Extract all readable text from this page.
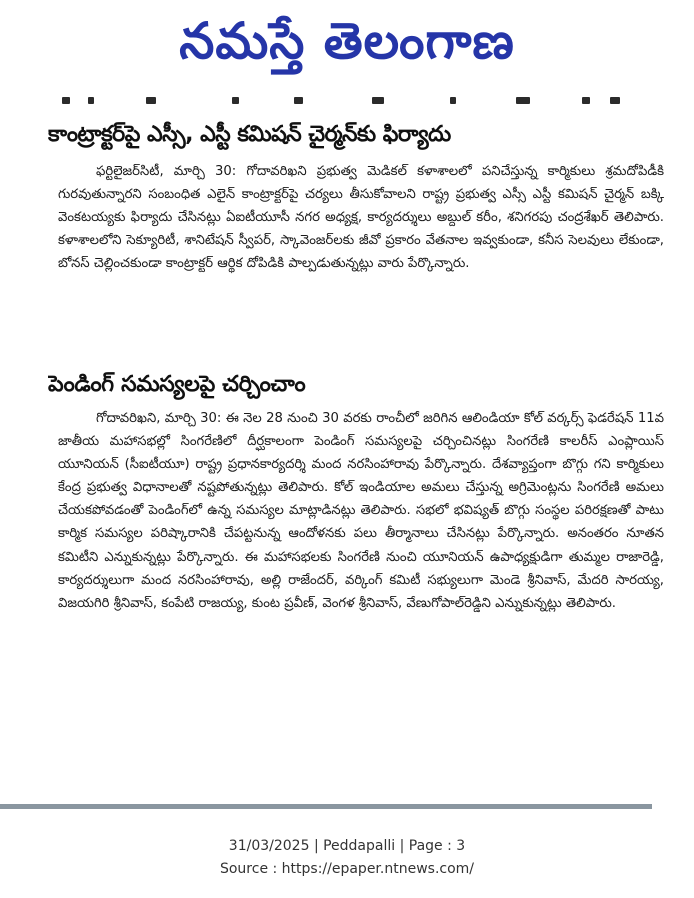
నమస్తే తెలంగాణ
కాంట్రాక్టర్‌పై ఎస్సీ, ఎస్టీ కమిషన్‌ చైర్మన్‌కు ఫిర్యాదు
ఫర్టిలైజర్‌సిటీ, మార్చి 30: గోదావరిఖని ప్రభుత్వ మెడికల్‌ కళాశాలలో పనిచేస్తున్న కార్మికులు శ్రమదోపిడీకి గురవుతున్నారని సంబంధిత ఎలైన్‌ కాంట్రాక్టర్‌పై చర్యలు తీసుకోవాలని రాష్ట్ర ప్రభుత్వ ఎస్సీ ఎస్టీ కమిషన్‌ చైర్మన్‌ బక్కి వెంకటయ్యకు ఫిర్యాదు చేసినట్లు ఏఐటీయూసీ నగర అధ్యక్ష, కార్యదర్శులు అబ్దుల్‌ కరీం, శనిగరపు చంద్రశేఖర్‌ తెలిపారు. కళాశాలలోని సెక్యూరిటీ, శానిటేషన్‌ స్వీపర్‌, స్కావెంజర్‌లకు జీవో ప్రకారం వేతనాల ఇవ్వకుండా, కనీస సెలవులు లేకుండా, బోనస్‌ చెల్లించకుండా కాంట్రాక్టర్‌ ఆర్థిక దోపిడికి పాల్పడుతున్నట్లు వారు పేర్కొన్నారు.
పెండింగ్‌ సమస్యలపై చర్చించాం
గోదావరిఖని, మార్చి 30: ఈ నెల 28 నుంచి 30 వరకు రాంచీలో జరిగిన ఆలిండియా కోల్‌ వర్కర్స్‌ ఫెడరేషన్‌ 11వ జాతీయ మహాసభల్లో సింగరేణిలో దీర్ఘకాలంగా పెండింగ్‌ సమస్యలపై చర్చించినట్లు సింగరేణి కాలరీస్‌ ఎంప్లాయిస్‌ యూనియన్‌ (సీఐటీయూ) రాష్ట్ర ప్రధానకార్యదర్శి మంద నరసింహారావు పేర్కొన్నారు. దేశవ్యాప్తంగా బొగ్గు గని కార్మికులు కేంద్ర ప్రభుత్వ విధానాలతో నష్టపోతున్నట్లు తెలిపారు. కోల్‌ ఇండియాల అమలు చేస్తున్న అగ్రిమెంట్లను సింగరేణి అమలు చేయకపోవడంతో పెండింగ్‌లో ఉన్న సమస్యల మాట్లాడినట్లు తెలిపారు. సభలో భవిష్యత్‌ బొగ్గు సంస్థల పరిరక్షణతో పాటు కార్మిక సమస్యల పరిష్కారానికి చేపట్టనున్న ఆందోళనకు పలు తీర్మానాలు చేసినట్లు పేర్కొన్నారు. అనంతరం నూతన కమిటీని ఎన్నుకున్నట్లు పేర్కొన్నారు. ఈ మహాసభలకు సింగరేణి నుంచి యూనియన్‌ ఉపాధ్యక్షుడిగా తుమ్మల రాజారెడ్డి, కార్యదర్శులుగా మంద నరసింహారావు, అల్లి రాజేందర్‌, వర్కింగ్‌ కమిటీ సభ్యులుగా మెండె శ్రీనివాస్‌, మేదరి సారయ్య, విజయగిరి శ్రీనివాస్‌, కంపేటి రాజయ్య, కుంట ప్రవీణ్‌, వెంగళ శ్రీనివాస్‌, వేణుగోపాల్‌రెడ్డిని ఎన్నుకున్నట్లు తెలిపారు.
31/03/2025 | Peddapalli | Page : 3
Source : https://epaper.ntnews.com/
